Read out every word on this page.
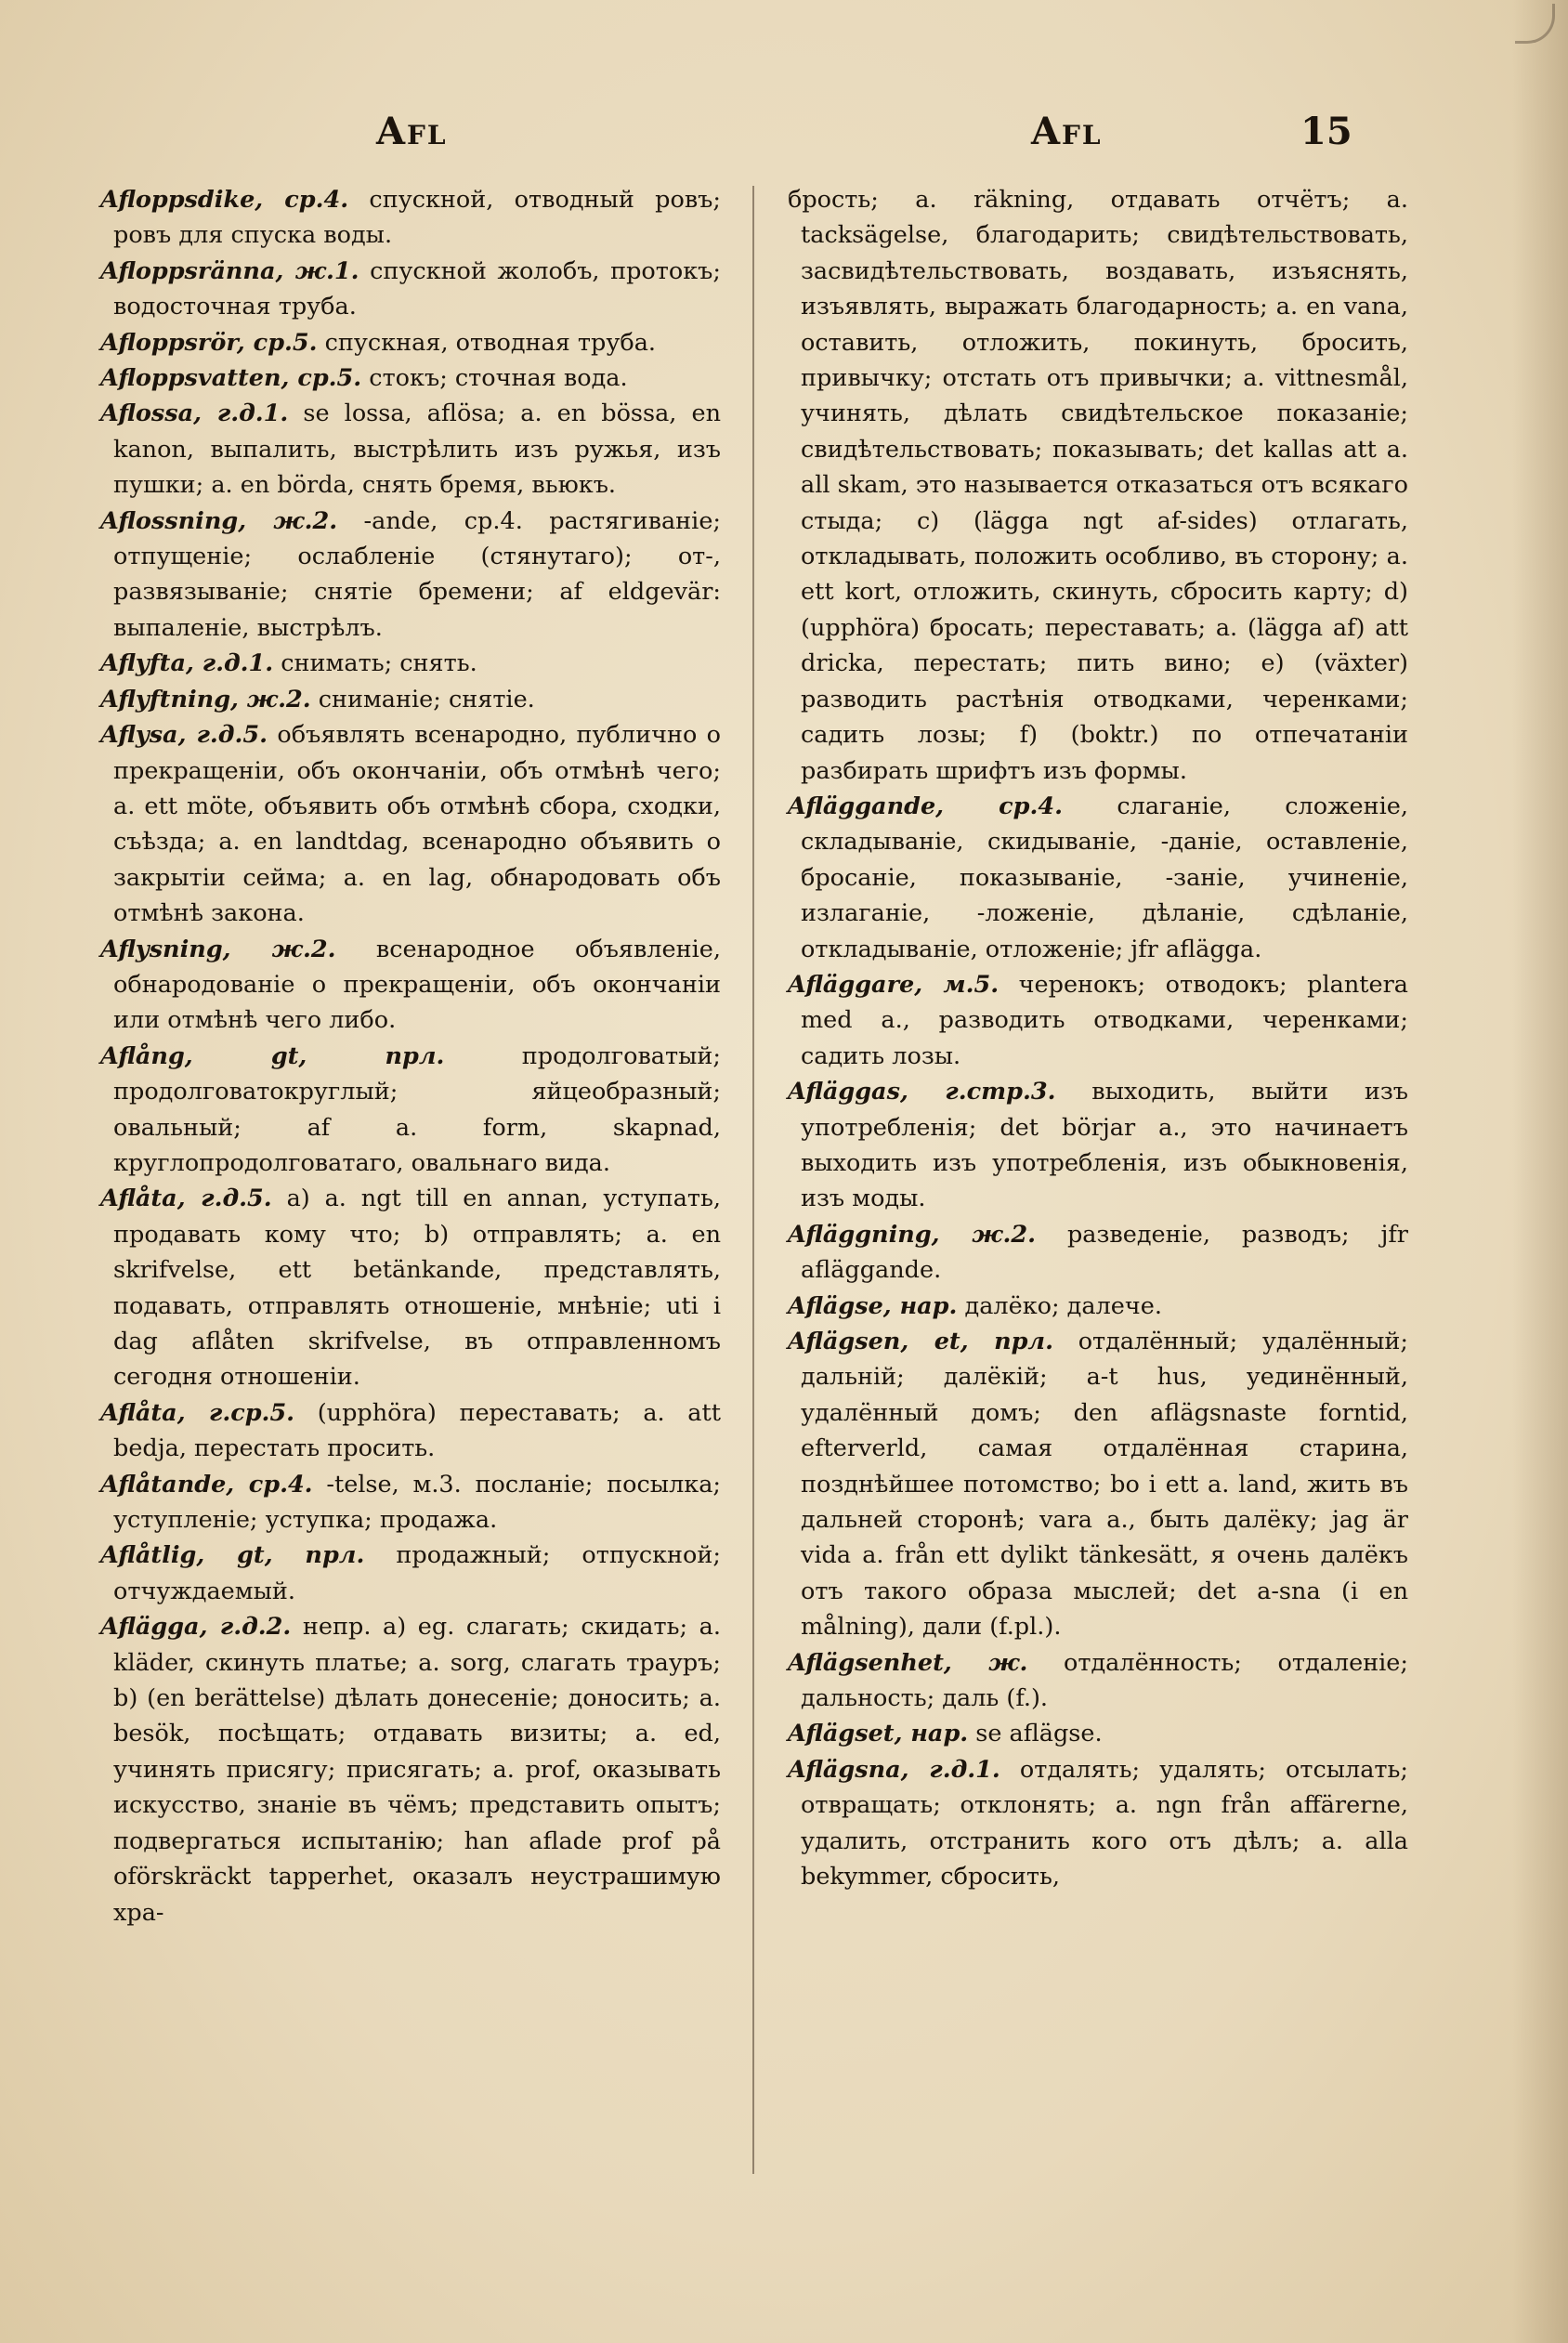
Afl	Afl	15
Afloppsdike, ср.4. спускной, отводный ровъ; ровъ для спуска воды.
Afloppsränna, ж.1. спускной жолобъ, протокъ; водосточная труба.
Afloppsrör, ср.5. спускная, отводная труба.
Afloppsvatten, ср.5. стокъ; сточная вода.
Aflossa, г.д.1. se lossa, aflösa; a. en bössa, en kanon, выпалить, выстрѣлить изъ ружья, изъ пушки; a. en börda, снять бремя, вьюкъ.
Aflossning, ж.2. -ande, ср.4. растягиваніе; отпущеніе; ослабленіе (стянутаго); от-, развязываніе; снятіе бремени; af eldgevär: выпаленіе, выстрѣлъ.
Aflyfta, г.д.1. снимать; снять.
Aflyftning, ж.2. сниманіе; снятіе.
Aflysa, г.д.5. объявлять всенародно, публично о прекращеніи, объ окончаніи, объ отмѣнѣ чего; a. ett möte, объявить объ отмѣнѣ сбора, сходки, съѣзда; a. en landtdag, всенародно объявить о закрытіи сейма; a. en lag, обнародовать объ отмѣнѣ закона.
Aflysning, ж.2. всенародное объявленіе, обнародованіе о прекращеніи, объ окончаніи или отмѣнѣ чего либо.
Aflång, gt, прл. продолговатый; продолговатокруглый; яйцеобразный; овальный; af a. form, skapnad, круглопродолговатаго, овальнаго вида.
Aflåta, г.д.5. a) a. ngt till en annan, уступать, продавать кому что; b) отправлять; a. en skrifvelse, ett betänkande, представлять, подавать, отправлять отношеніе, мнѣніе; uti i dag aflåten skrifvelse, въ отправленномъ сегодня отношеніи.
Aflåta, г.ср.5. (upphöra) переставать; a. att bedja, перестать просить.
Aflåtande, ср.4. -telse, м.3. посланіе; посылка; уступленіе; уступка; продажа.
Aflåtlig, gt, прл. продажный; отпускной; отчуждаемый.
Aflägga, г.д.2. непр. a) eg. слагать; скидать; a. kläder, скинуть платье; a. sorg, слагать трауръ; b) (en berättelse) дѣлать донесеніе; доносить; a. besök, посѣщать; отдавать визиты; a. ed, учинять присягу; присягать; a. prof, оказывать искусство, знаніе въ чёмъ; представить опытъ; подвергаться испытанію; han aflade prof på oförskräckt tapperhet, оказалъ неустрашимую хра-
брость; a. räkning, отдавать отчётъ; a. tacksägelse, благодарить; свидѣтельствовать, засвидѣтельствовать, воздавать, изъяснять, изъявлять, выражать благодарность; a. en vana, оставить, отложить, покинуть, бросить, привычку; отстать отъ привычки; a. vittnesmål, учинять, дѣлать свидѣтельское показаніе; свидѣтельствовать; показывать; det kallas att a. all skam, это называется отказаться отъ всякаго стыда; c) (lägga ngt af-sides) отлагать, откладывать, положить особливо, въ сторону; a. ett kort, отложить, скинуть, сбросить карту; d) (upphöra) бросать; переставать; a. (lägga af) att dricka, перестать; пить вино; e) (växter) разводить растѣнія отводками, черенками; садить лозы; f) (boktr.) по отпечатаніи разбирать шрифтъ изъ формы.
Afläggande, ср.4. слаганіе, сложеніе, складываніе, скидываніе, -даніе, оставленіе, бросаніе, показываніе, -заніе, учиненіе, излаганіе, -ложеніе, дѣланіе, сдѣланіе, откладываніе, отложеніе; jfr aflägga.
Afläggare, м.5. черенокъ; отводокъ; plantera med a., разводить отводками, черенками; садить лозы.
Afläggas, г.стр.3. выходить, выйти изъ употребленія; det börjar a., это начинаетъ выходить изъ употребленія, изъ обыкновенія, изъ моды.
Afläggning, ж.2. разведеніе, разводъ; jfr afläggande.
Aflägse, нар. далёко; далече.
Aflägsen, et, прл. отдалённый; удалённый; дальній; далёкій; a-t hus, уединённый, удалённый домъ; den aflägsnaste forntid, efterverld, самая отдалённая старина, позднѣйшее потомство; bo i ett a. land, жить въ дальней сторонѣ; vara a., быть далёку; jag är vida a. från ett dylikt tänkesätt, я очень далёкъ отъ такого образа мыслей; det a-sna (i en målning), дали (f.pl.).
Aflägsenhet, ж. отдалённость; отдаленіе; дальность; даль (f.).
Aflägset, нар. se aflägse.
Aflägsna, г.д.1. отдалять; удалять; отсылать; отвращать; отклонять; a. ngn från affärerne, удалить, отстранить кого отъ дѣлъ; a. alla bekymmer, сбросить,
